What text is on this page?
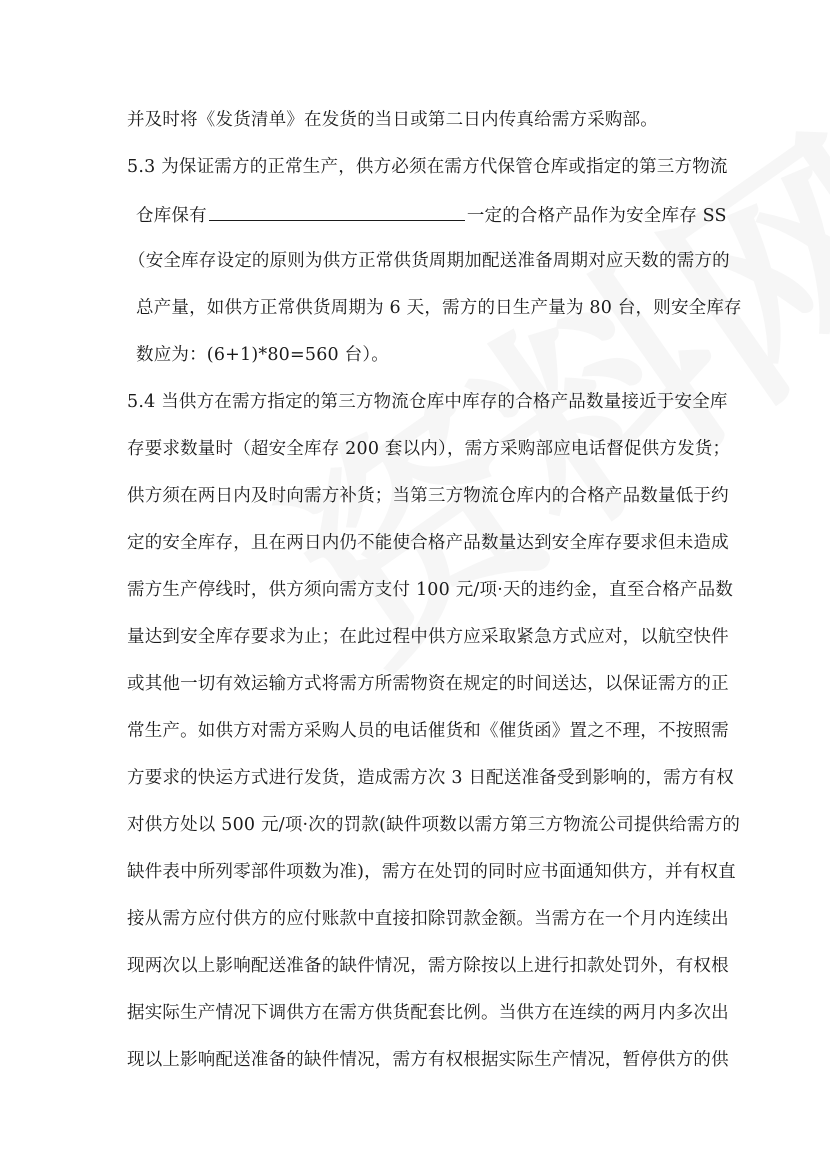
并及时将《发货清单》在发货的当日或第二日内传真给需方采购部。
5.3 为保证需方的正常生产，供方必须在需方代保管仓库或指定的第三方物流
仓库保有	一定的合格产品作为安全库存 SS
（安全库存设定的原则为供方正常供货周期加配送准备周期对应天数的需方的
总产量，如供方正常供货周期为 6 天，需方的日生产量为 80 台，则安全库存
数应为：(6+1)*80=560 台）。
5.4 当供方在需方指定的第三方物流仓库中库存的合格产品数量接近于安全库
存要求数量时（超安全库存 200 套以内），需方采购部应电话督促供方发货；
供方须在两日内及时向需方补货；当第三方物流仓库内的合格产品数量低于约
定的安全库存，且在两日内仍不能使合格产品数量达到安全库存要求但未造成
需方生产停线时，供方须向需方支付 100 元/项·天的违约金，直至合格产品数
量达到安全库存要求为止；在此过程中供方应采取紧急方式应对，以航空快件
或其他一切有效运输方式将需方所需物资在规定的时间送达，以保证需方的正
常生产。如供方对需方采购人员的电话催货和《催货函》置之不理，不按照需
方要求的快运方式进行发货，造成需方次 3 日配送准备受到影响的，需方有权
对供方处以 500 元/项·次的罚款(缺件项数以需方第三方物流公司提供给需方的
缺件表中所列零部件项数为准)，需方在处罚的同时应书面通知供方，并有权直
接从需方应付供方的应付账款中直接扣除罚款金额。当需方在一个月内连续出
现两次以上影响配送准备的缺件情况，需方除按以上进行扣款处罚外，有权根
据实际生产情况下调供方在需方供货配套比例。当供方在连续的两月内多次出
现以上影响配送准备的缺件情况，需方有权根据实际生产情况，暂停供方的供
